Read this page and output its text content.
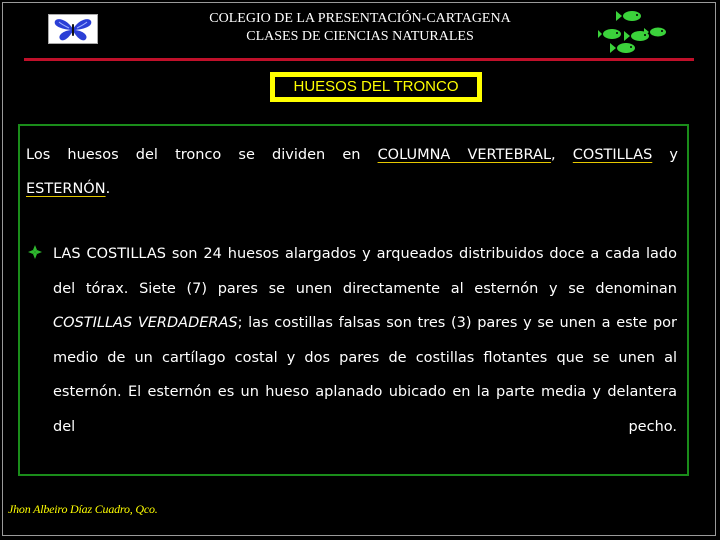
COLEGIO DE LA PRESENTACIÓN-CARTAGENA
CLASES DE CIENCIAS NATURALES
HUESOS DEL TRONCO
Los huesos del tronco se dividen en COLUMNA VERTEBRAL, COSTILLAS y
ESTERNÓN.
LAS COSTILLAS son 24 huesos alargados y arqueados distribuidos doce a cada lado del tórax. Siete (7) pares se unen directamente al esternón y se denominan COSTILLAS VERDADERAS; las costillas falsas son tres (3) pares y se unen a este por medio de un cartílago costal y dos pares de costillas flotantes que se unen al esternón. El esternón es un hueso aplanado ubicado en la parte media y delantera del pecho.
Jhon Albeiro Díaz Cuadro, Qco.
